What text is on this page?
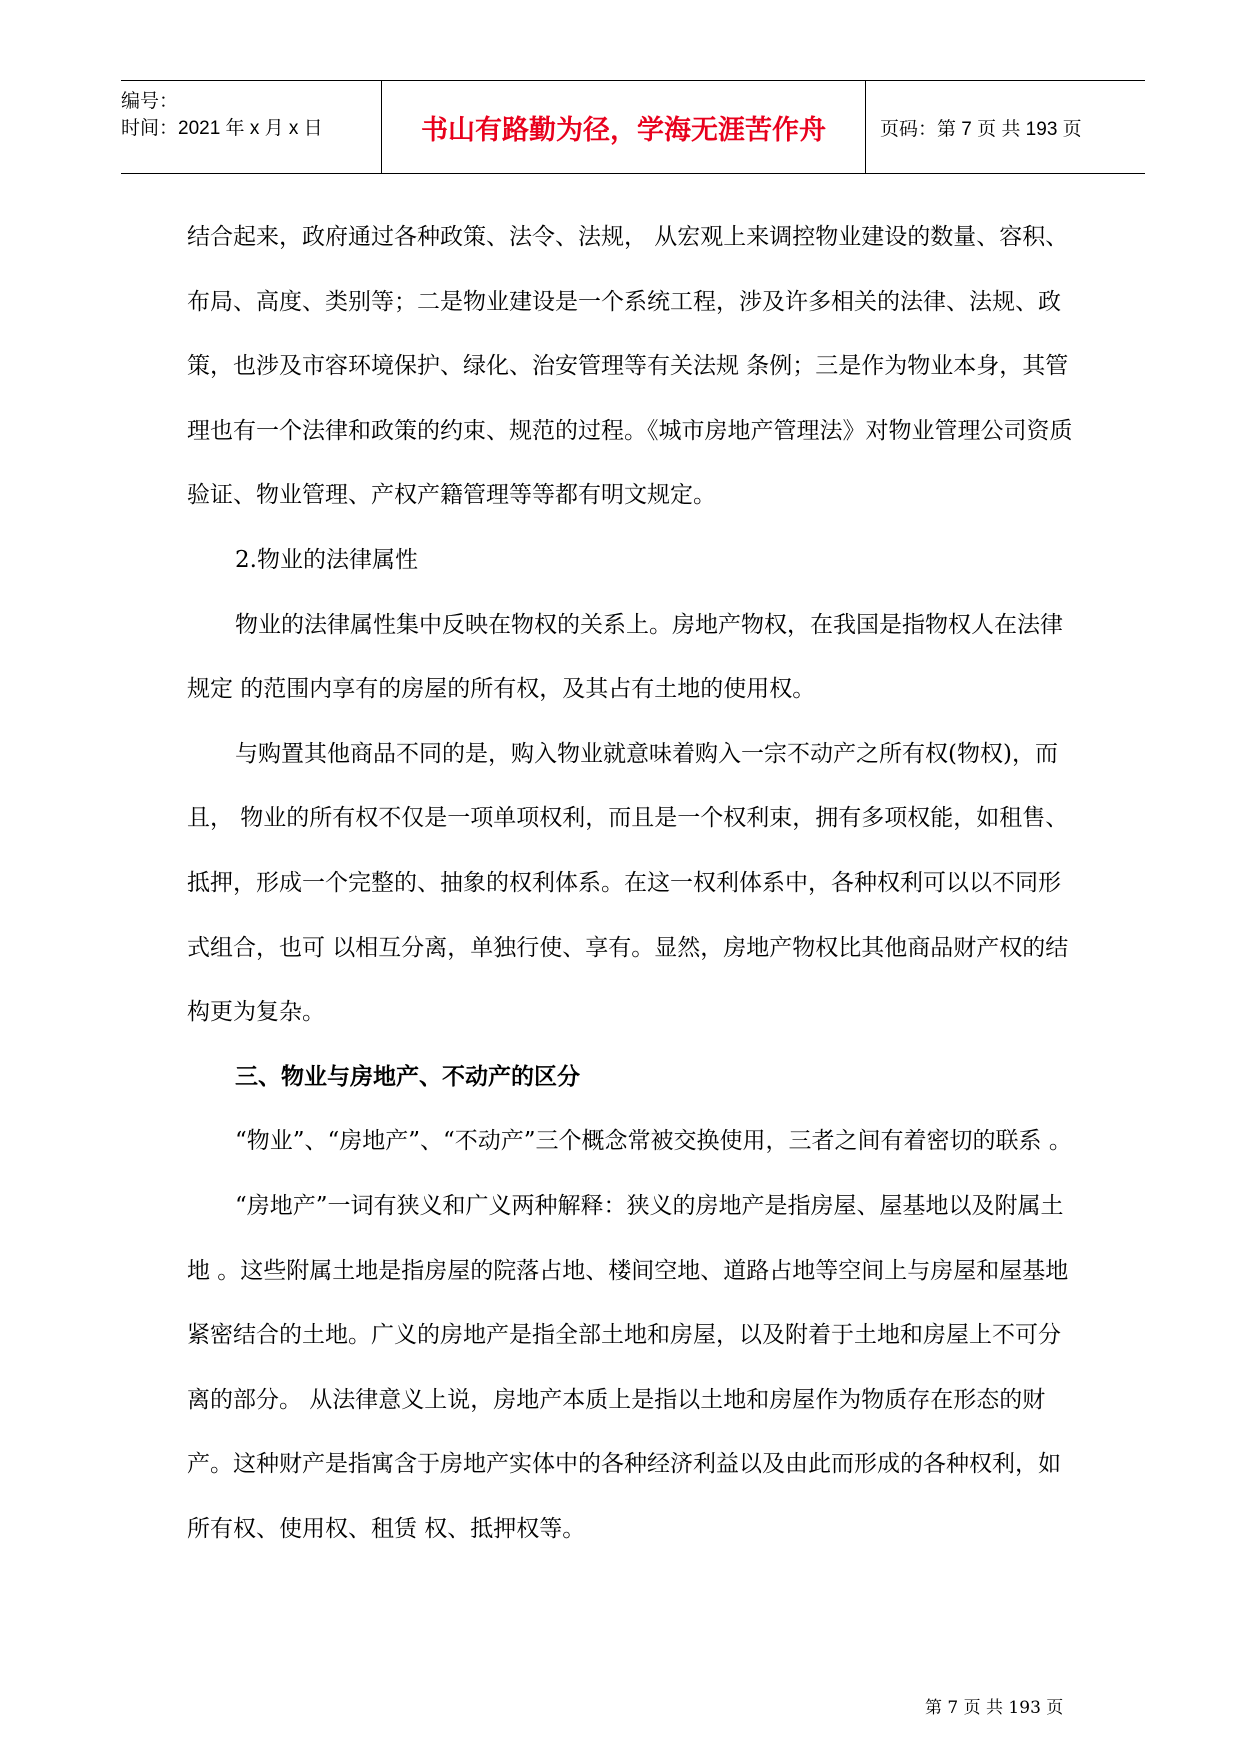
编号：
时间：2021 年 x 月 x 日	书山有路勤为径，学海无涯苦作舟	页码：第 7 页 共 193 页

结合起来，政府通过各种政策、法令、法规， 从宏观上来调控物业建设的数量、容积、布局、高度、类别等；二是物业建设是一个系统工程，涉及许多相关的法律、法规、政策，也涉及市容环境保护、绿化、治安管理等有关法规 条例；三是作为物业本身，其管理也有一个法律和政策的约束、规范的过程。《城市房地产管理法》对物业管理公司资质验证、物业管理、产权产籍管理等等都有明文规定。

2.物业的法律属性

物业的法律属性集中反映在物权的关系上。房地产物权，在我国是指物权人在法律规定 的范围内享有的房屋的所有权，及其占有土地的使用权。

与购置其他商品不同的是，购入物业就意味着购入一宗不动产之所有权(物权)，而且， 物业的所有权不仅是一项单项权利，而且是一个权利束，拥有多项权能，如租售、抵押，形成一个完整的、抽象的权利体系。在这一权利体系中，各种权利可以以不同形式组合，也可 以相互分离，单独行使、享有。显然，房地产物权比其他商品财产权的结构更为复杂。

三、物业与房地产、不动产的区分

“物业”、“房地产”、“不动产”三个概念常被交换使用，三者之间有着密切的联系 。

“房地产”一词有狭义和广义两种解释：狭义的房地产是指房屋、屋基地以及附属土地 。这些附属土地是指房屋的院落占地、楼间空地、道路占地等空间上与房屋和屋基地紧密结合的土地。广义的房地产是指全部土地和房屋，以及附着于土地和房屋上不可分离的部分。 从法律意义上说，房地产本质上是指以土地和房屋作为物质存在形态的财产。这种财产是指寓含于房地产实体中的各种经济利益以及由此而形成的各种权利，如所有权、使用权、租赁 权、抵押权等。

第 7 页 共 193 页
